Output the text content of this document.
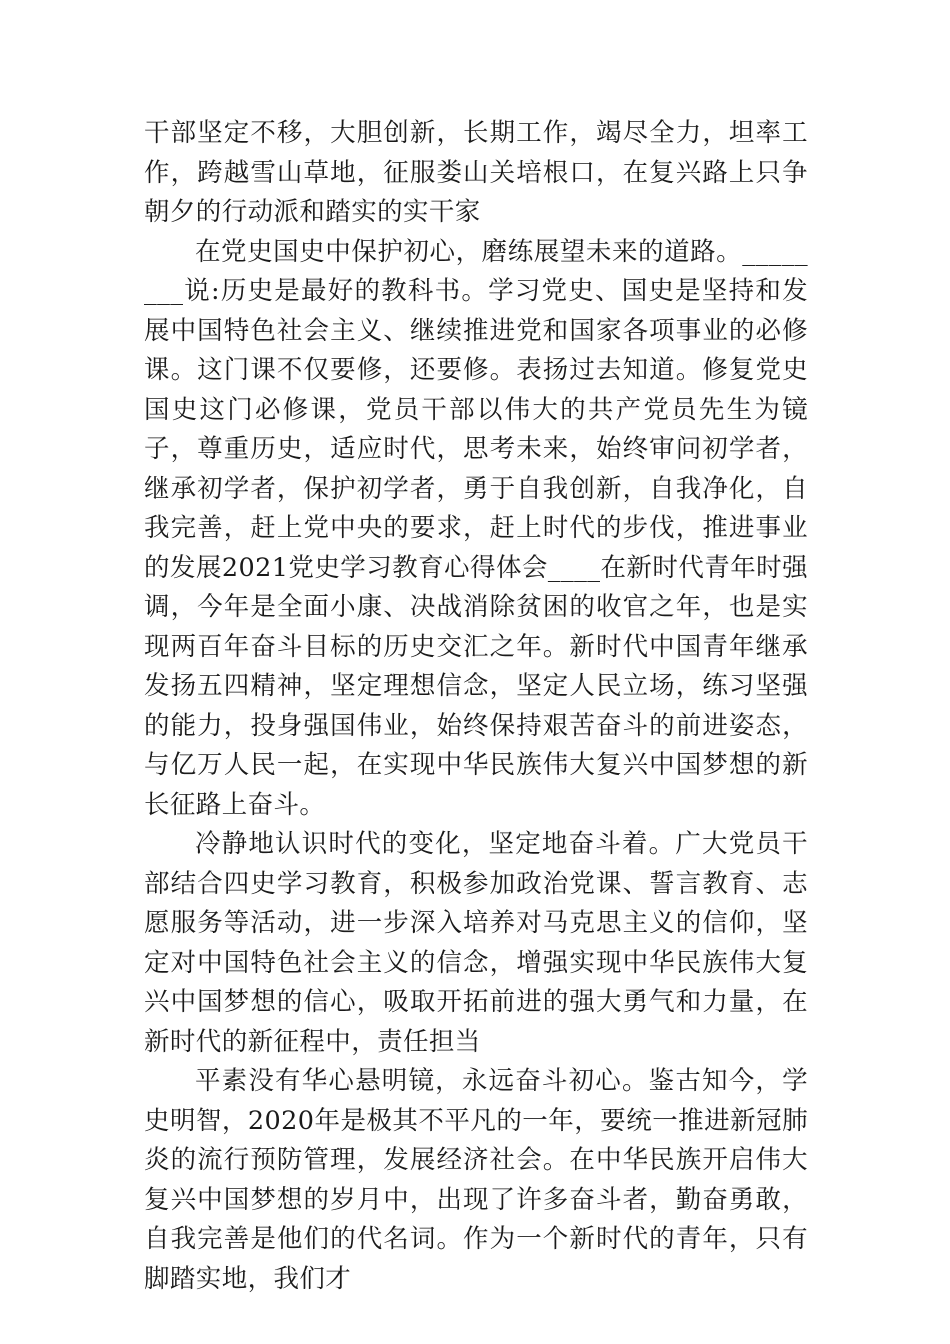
干部坚定不移，大胆创新，长期工作，竭尽全力，坦率工作，跨越雪山草地，征服娄山关培根口，在复兴路上只争朝夕的行动派和踏实的实干家

在党史国史中保护初心，磨练展望未来的道路。________说:历史是最好的教科书。学习党史、国史是坚持和发展中国特色社会主义、继续推进党和国家各项事业的必修课。这门课不仅要修，还要修。表扬过去知道。修复党史国史这门必修课，党员干部以伟大的共产党员先生为镜子，尊重历史，适应时代，思考未来，始终审问初学者，继承初学者，保护初学者，勇于自我创新，自我净化，自我完善，赶上党中央的要求，赶上时代的步伐，推进事业的发展2021党史学习教育心得体会____在新时代青年时强调，今年是全面小康、决战消除贫困的收官之年，也是实现两百年奋斗目标的历史交汇之年。新时代中国青年继承发扬五四精神，坚定理想信念，坚定人民立场，练习坚强的能力，投身强国伟业，始终保持艰苦奋斗的前进姿态，与亿万人民一起，在实现中华民族伟大复兴中国梦想的新长征路上奋斗。

冷静地认识时代的变化，坚定地奋斗着。广大党员干部结合四史学习教育，积极参加政治党课、誓言教育、志愿服务等活动，进一步深入培养对马克思主义的信仰，坚定对中国特色社会主义的信念，增强实现中华民族伟大复兴中国梦想的信心，吸取开拓前进的强大勇气和力量，在新时代的新征程中，责任担当

平素没有华心悬明镜，永远奋斗初心。鉴古知今，学史明智，2020年是极其不平凡的一年，要统一推进新冠肺炎的流行预防管理，发展经济社会。在中华民族开启伟大复兴中国梦想的岁月中，出现了许多奋斗者，勤奋勇敢，自我完善是他们的代名词。作为一个新时代的青年，只有脚踏实地，我们才
